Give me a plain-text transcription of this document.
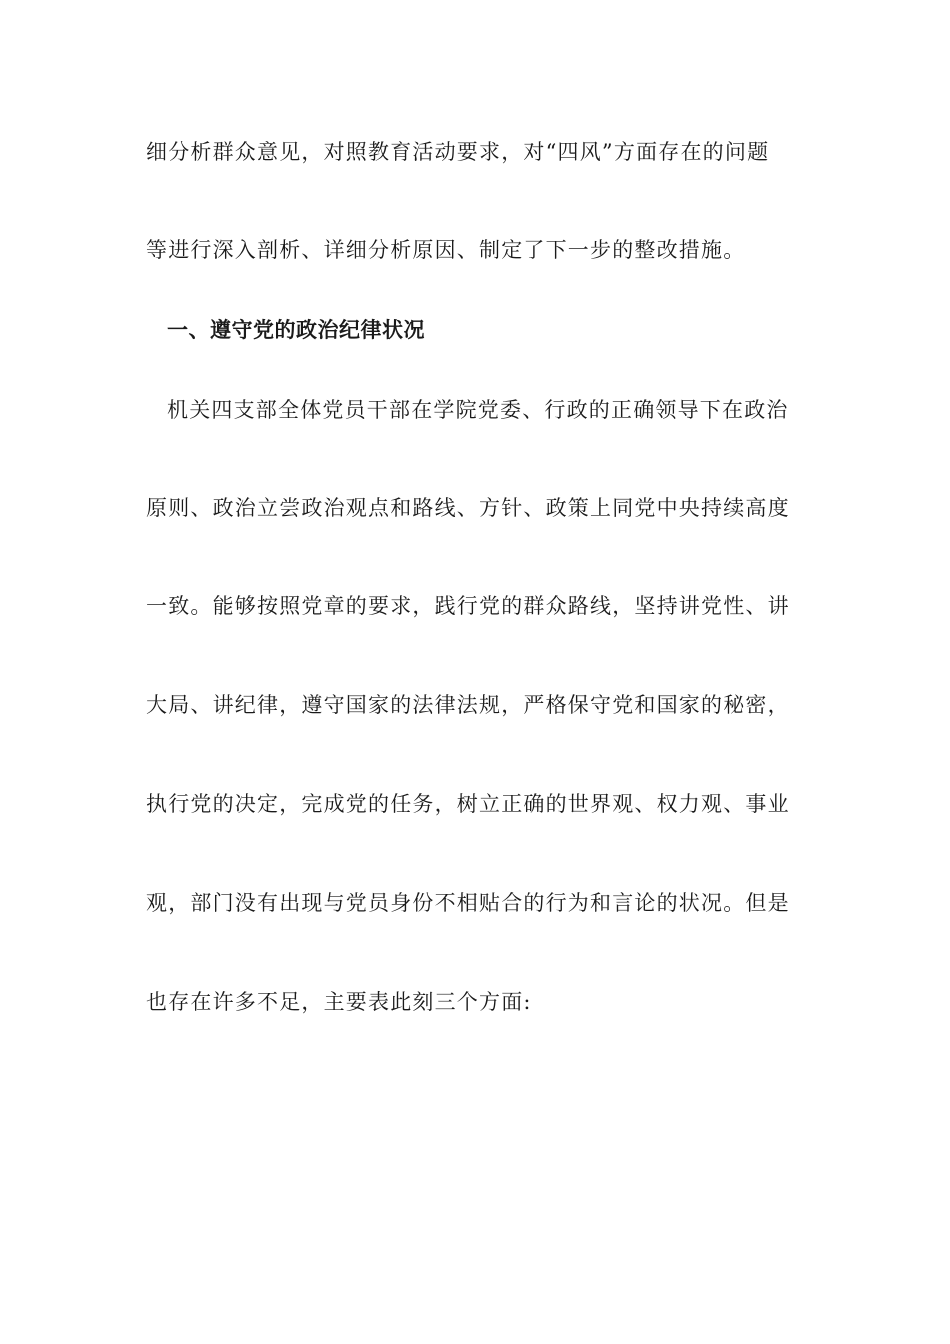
细分析群众意见，对照教育活动要求，对“四风”方面存在的问题
等进行深入剖析、详细分析原因、制定了下一步的整改措施。
一、遵守党的政治纪律状况
机关四支部全体党员干部在学院党委、行政的正确领导下在政治
原则、政治立尝政治观点和路线、方针、政策上同党中央持续高度
一致。能够按照党章的要求，践行党的群众路线，坚持讲党性、讲
大局、讲纪律，遵守国家的法律法规，严格保守党和国家的秘密，
执行党的决定，完成党的任务，树立正确的世界观、权力观、事业
观，部门没有出现与党员身份不相贴合的行为和言论的状况。但是
也存在许多不足，主要表此刻三个方面:
